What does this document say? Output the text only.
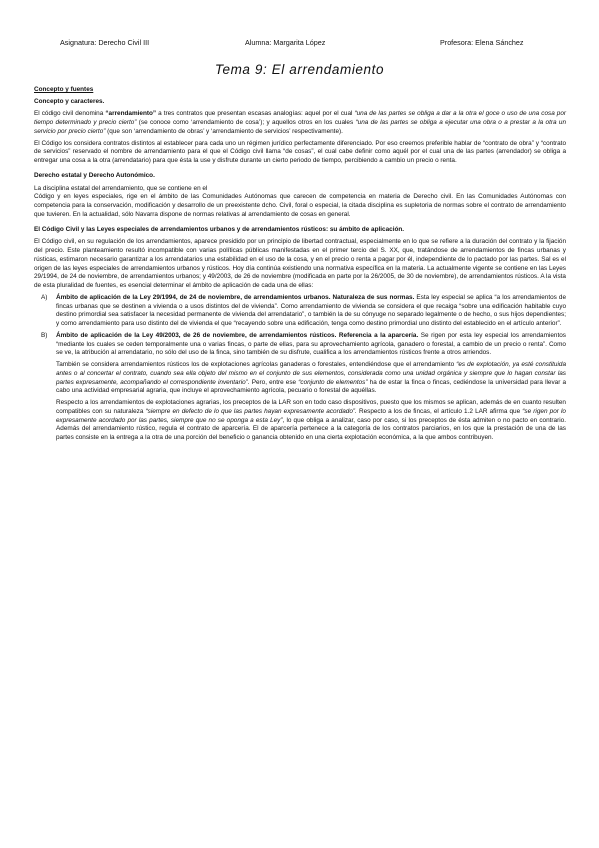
Asignatura: Derecho Civil III	Alumna: Margarita López	Profesora: Elena Sánchez
Tema 9: El arrendamiento
Concepto y fuentes
Concepto y caracteres.

El código civil denomina “arrendamiento” a tres contratos que presentan escasas analogías: aquel por el cual “una de las partes se obliga a dar a la otra el goce o uso de una cosa por tiempo determinado y precio cierto” (se conoce como ‘arrendamiento de cosa’); y aquellos otros en los cuales “una de las partes se obliga a ejecutar una obra o a prestar a la otra un servicio por precio cierto” (que son ‘arrendamiento de obras’ y ‘arrendamiento de servicios’ respectivamente).

El Código los considera contratos distintos al establecer para cada uno un régimen jurídico perfectamente diferenciado. Por eso creemos preferible hablar de “contrato de obra” y “contrato de servicios” reservado el nombre de arrendamiento para el que el Código civil llama “de cosas”, el cual cabe definir como aquél por el cual una de las partes (arrendador) se obliga a entregar una cosa a la otra (arrendatario) para que ésta la use y disfrute durante un cierto periodo de tiempo, percibiendo a cambio un precio o renta.

Derecho estatal y Derecho Autonómico.

La disciplina estatal del arrendamiento, que se contiene en el

Código y en leyes especiales, rige en el ámbito de las Comunidades Autónomas que carecen de competencia en materia de Derecho civil. En las Comunidades Autónomas con competencia para la conservación, modificación y desarrollo de un preexistente dcho. Civil, foral o especial, la citada disciplina es supletoria de normas sobre el contrato de arrendamiento que tuvieren. En la actualidad, sólo Navarra dispone de normas relativas al arrendamiento de cosas en general.

El Código Civil y las Leyes especiales de arrendamientos urbanos y de arrendamientos rústicos: su ámbito de aplicación.

El Código civil, en su regulación de los arrendamientos, aparece presidido por un principio de libertad contractual, especialmente en lo que se refiere a la duración del contrato y la fijación del precio. Este planteamiento resultó incompatible con varias políticas públicas manifestadas en el primer tercio del S. XX, que, tratándose de arrendamientos de fincas urbanas y rústicas, estimaron necesario garantizar a los arrendatarios una estabilidad en el uso de la cosa, y en el precio o renta a pagar por él, independiente de lo pactado por las partes. Sal es el origen de las leyes especiales de arrendamientos urbanos y rústicos. Hoy día continúa existiendo una normativa específica en la materia. La actualmente vigente se contiene en las Leyes 29/1994, de 24 de noviembre, de arrendamientos urbanos; y 49/2003, de 26 de noviembre (modificada en parte por la 26/2005, de 30 de noviembre), de arrendamientos rústicos. A la vista de esta pluralidad de fuentes, es esencial determinar el ámbito de aplicación de cada una de ellas:

A) Ámbito de aplicación de la Ley 29/1994, de 24 de noviembre, de arrendamientos urbanos. Naturaleza de sus normas. Esta ley especial se aplica “a los arrendamientos de fincas urbanas que se destinen a vivienda o a usos distintos del de vivienda”. Como arrendamiento de vivienda se considera el que recaiga “sobre una edificación habitable cuyo destino primordial sea satisfacer la necesidad permanente de vivienda del arrendatario”, o también la de su cónyuge no separado legalmente o de hecho, o sus hijos dependientes; y como arrendamiento para uso distinto del de vivienda el que “recayendo sobre una edificación, tenga como destino primordial uno distinto del establecido en el artículo anterior”.
B) Ámbito de aplicación de la Ley 49/2003, de 26 de noviembre, de arrendamientos rústicos. Referencia a la aparcería. Se rigen por esta ley especial los arrendamientos “mediante los cuales se ceden temporalmente una o varias fincas, o parte de ellas, para su aprovechamiento agrícola, ganadero o forestal, a cambio de un precio o renta”. Como se ve, la atribución al arrendatario, no sólo del uso de la finca, sino también de su disfrute, cualifica a los arrendamientos rústicos frente a otros arriendos.

También se considera arrendamientos rústicos los de explotaciones agrícolas ganaderas o forestales, entendiéndose que el arrendamiento “es de explotación, ya esté constituida antes o al concertar el contrato, cuando sea ella objeto del mismo en el conjunto de sus elementos, considerada como una unidad orgánica y siempre que lo hagan constar las partes expresamente, acompañando el correspondiente inventario”. Pero, entre ese “conjunto de elementos” ha de estar la finca o fincas, cediéndose la universidad para llevar a cabo una actividad empresarial agraria, que incluye el aprovechamiento agrícola, pecuario o forestal de aquéllas.

Respecto a los arrendamientos de explotaciones agrarias, los preceptos de la LAR son en todo caso dispositivos, puesto que los mismos se aplican, además de en cuanto resulten compatibles con su naturaleza “siempre en defecto de lo que las partes hayan expresamente acordado”. Respecto a los de fincas, el artículo 1.2 LAR afirma que “se rigen por lo expresamente acordado por las partes, siempre que no se oponga a esta Ley”, lo que obliga a analizar, caso por caso, si los preceptos de ésta admiten o no pacto en contrario. Además del arrendamiento rústico, regula el contrato de aparcería. El de aparcería pertenece a la categoría de los contratos parciarios, en los que la prestación de una de las partes consiste en la entrega a la otra de una porción del beneficio o ganancia obtenido en una cierta explotación económica, a la que ambos contribuyen.
